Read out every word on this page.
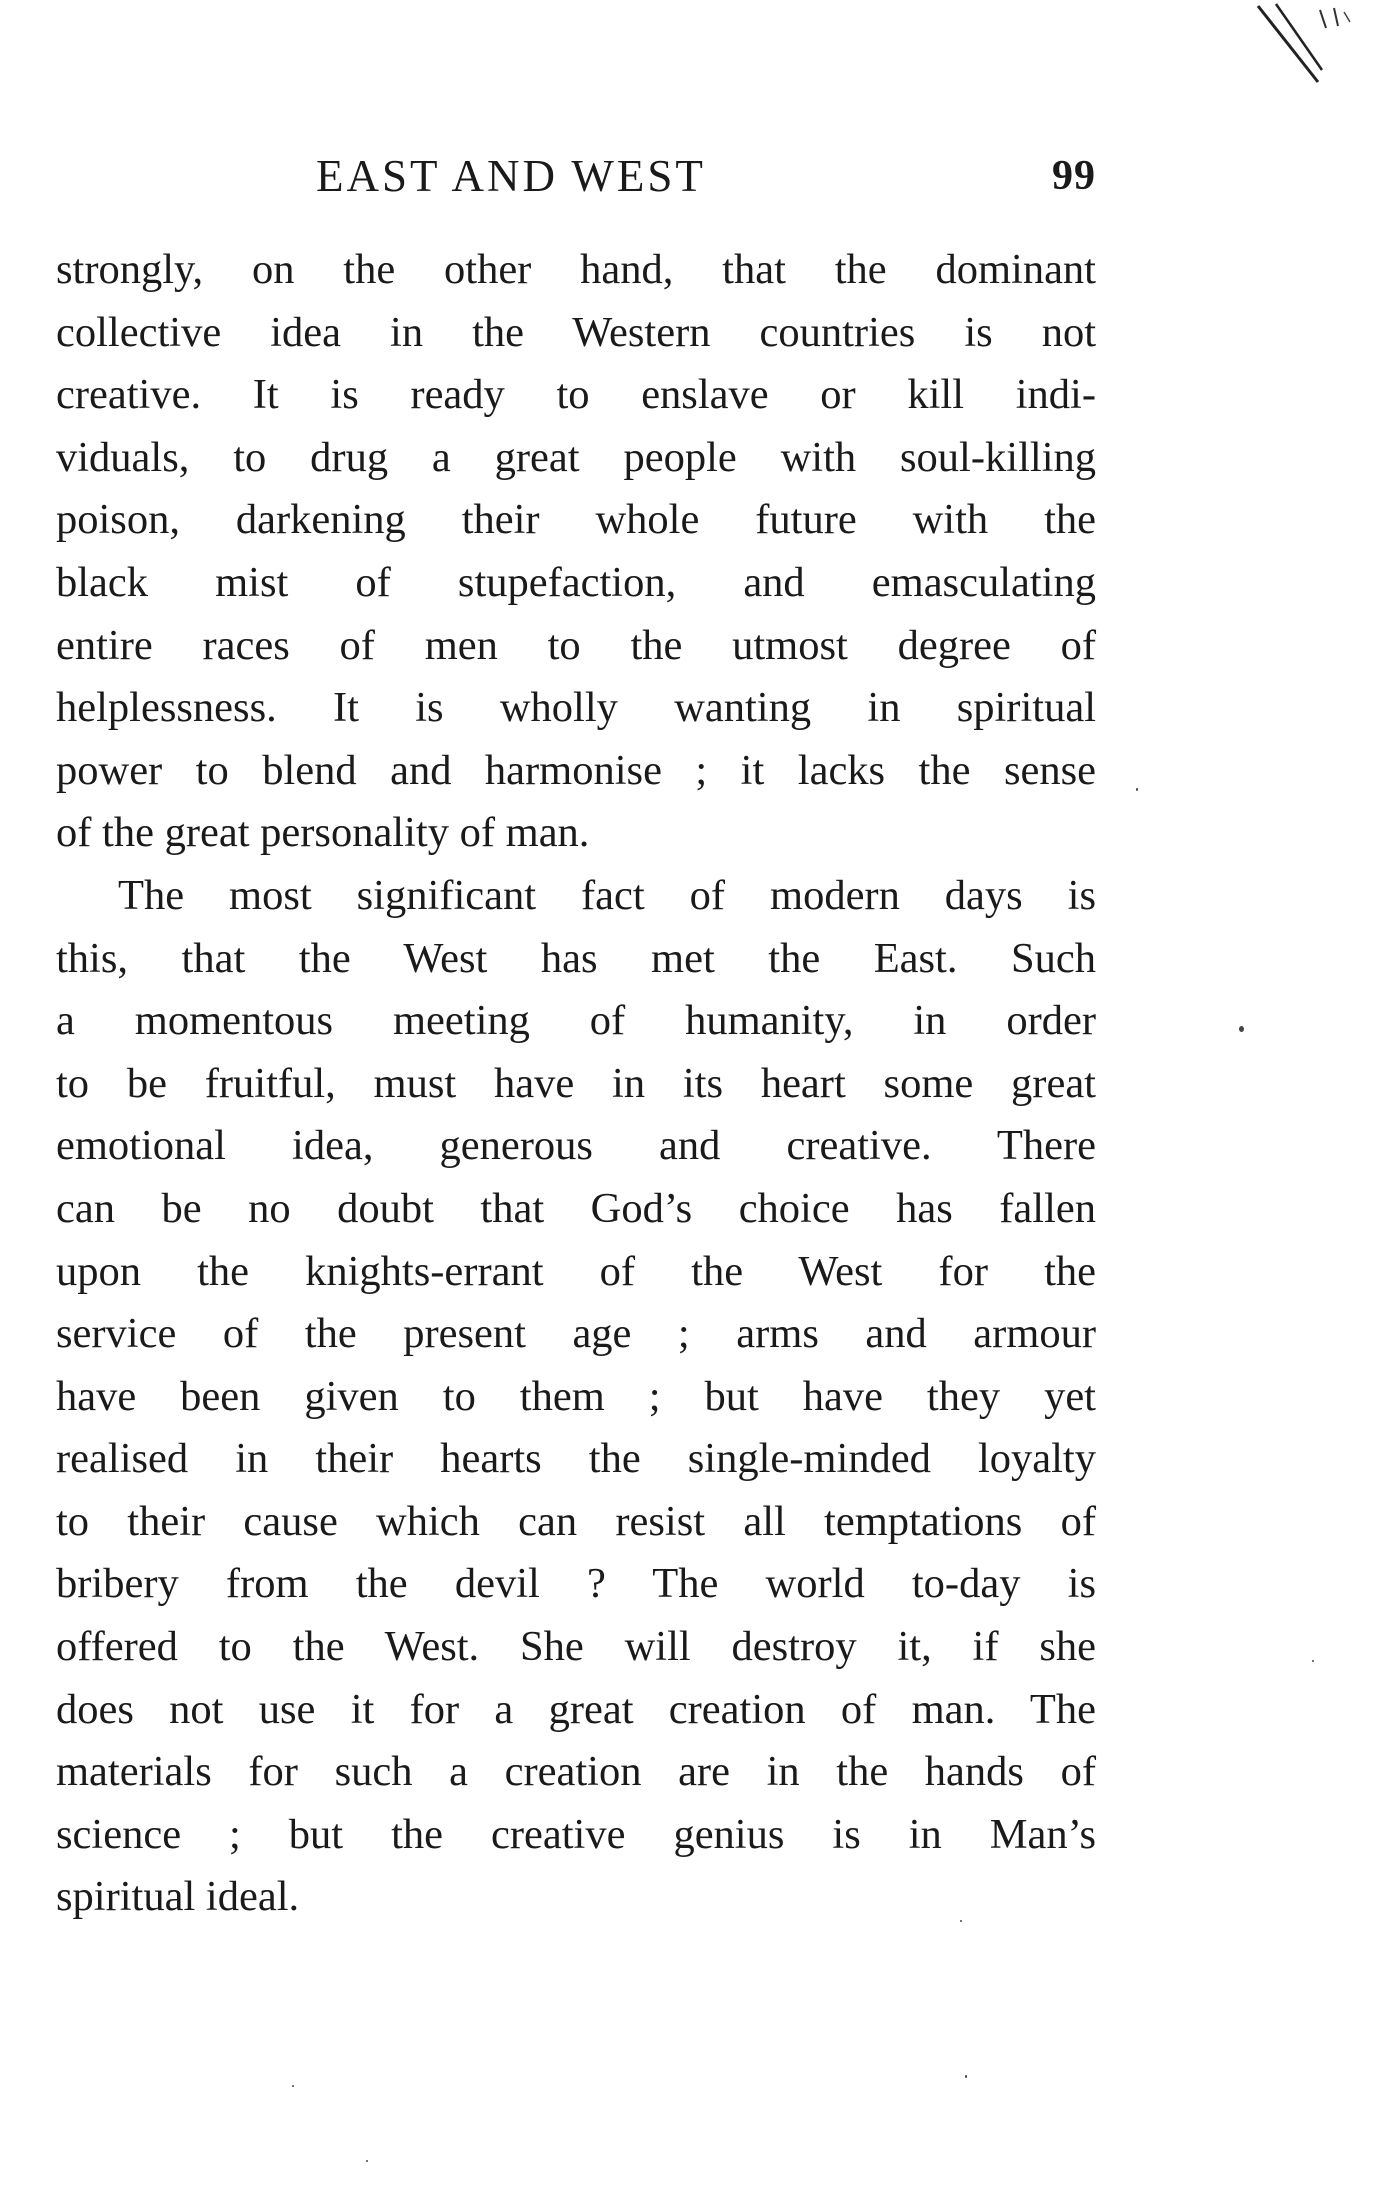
EAST AND WEST	99
strongly, on the other hand, that the dominant
collective idea in the Western countries is not
creative. It is ready to enslave or kill indi-
viduals, to drug a great people with soul-killing
poison, darkening their whole future with the
black mist of stupefaction, and emasculating
entire races of men to the utmost degree of
helplessness. It is wholly wanting in spiritual
power to blend and harmonise ; it lacks the sense
of the great personality of man.
The most significant fact of modern days is
this, that the West has met the East. Such
a momentous meeting of humanity, in order
to be fruitful, must have in its heart some great
emotional idea, generous and creative. There
can be no doubt that God’s choice has fallen
upon the knights-errant of the West for the
service of the present age ; arms and armour
have been given to them ; but have they yet
realised in their hearts the single-minded loyalty
to their cause which can resist all temptations of
bribery from the devil ? The world to-day is
offered to the West. She will destroy it, if she
does not use it for a great creation of man. The
materials for such a creation are in the hands of
science ; but the creative genius is in Man’s
spiritual ideal.
